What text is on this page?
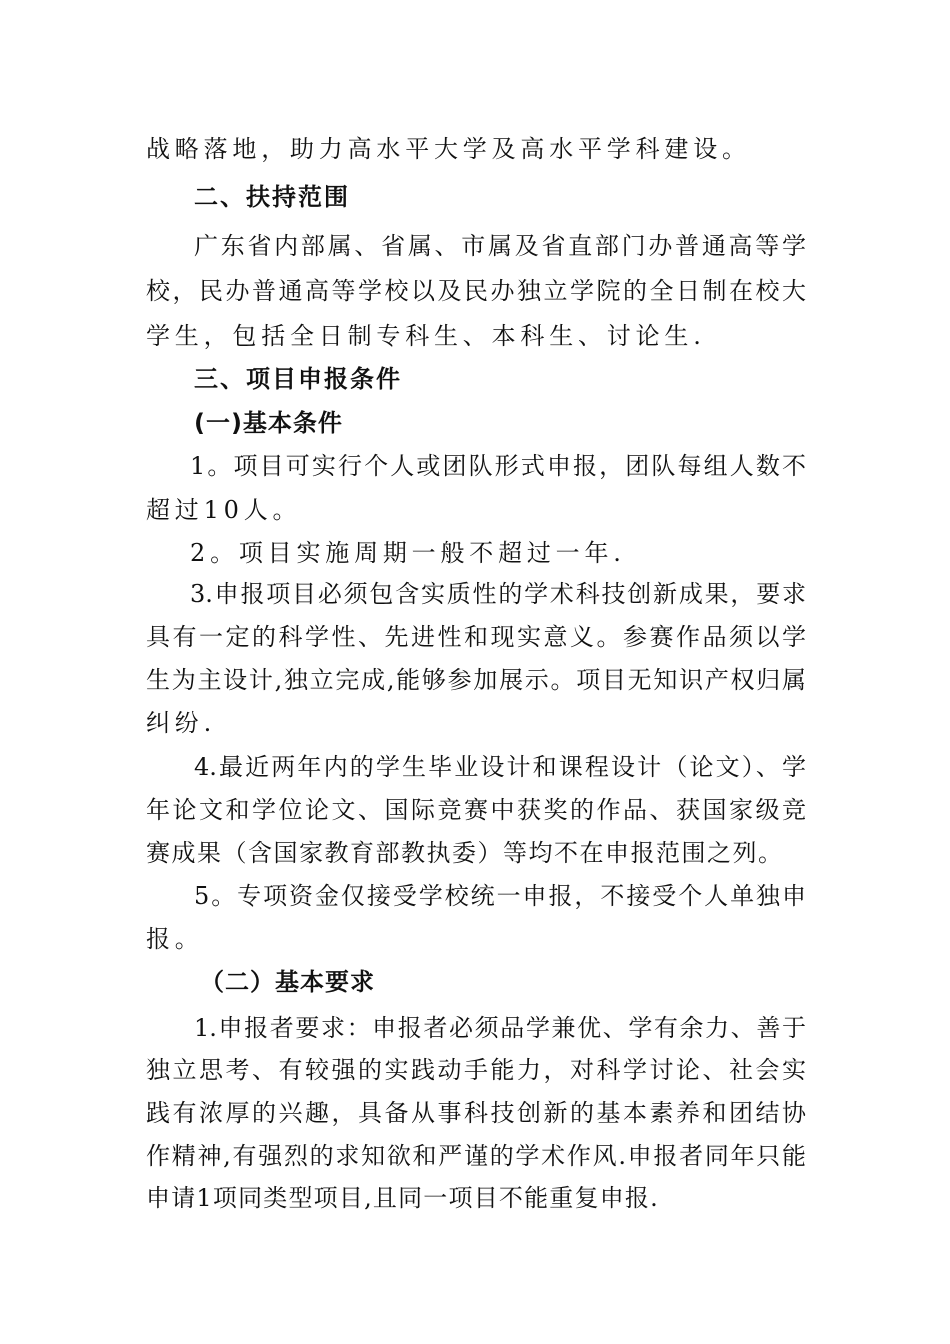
战略落地，助力高水平大学及高水平学科建设。
二、扶持范围
广东省内部属、省属、市属及省直部门办普通高等学
校，民办普通高等学校以及民办独立学院的全日制在校大
学生，包括全日制专科生、本科生、讨论生.
三、项目申报条件
(一)基本条件
1。项目可实行个人或团队形式申报，团队每组人数不
超过10人。
2。项目实施周期一般不超过一年.
3.申报项目必须包含实质性的学术科技创新成果，要求
具有一定的科学性、先进性和现实意义。参赛作品须以学
生为主设计,独立完成,能够参加展示。项目无知识产权归属
纠纷.
4.最近两年内的学生毕业设计和课程设计（论文）、学
年论文和学位论文、国际竞赛中获奖的作品、获国家级竞
赛成果（含国家教育部教执委）等均不在申报范围之列。
5。专项资金仅接受学校统一申报，不接受个人单独申
报。
（二）基本要求
1.申报者要求：申报者必须品学兼优、学有余力、善于
独立思考、有较强的实践动手能力，对科学讨论、社会实
践有浓厚的兴趣，具备从事科技创新的基本素养和团结协
作精神,有强烈的求知欲和严谨的学术作风.申报者同年只能
申请1项同类型项目,且同一项目不能重复申报.
